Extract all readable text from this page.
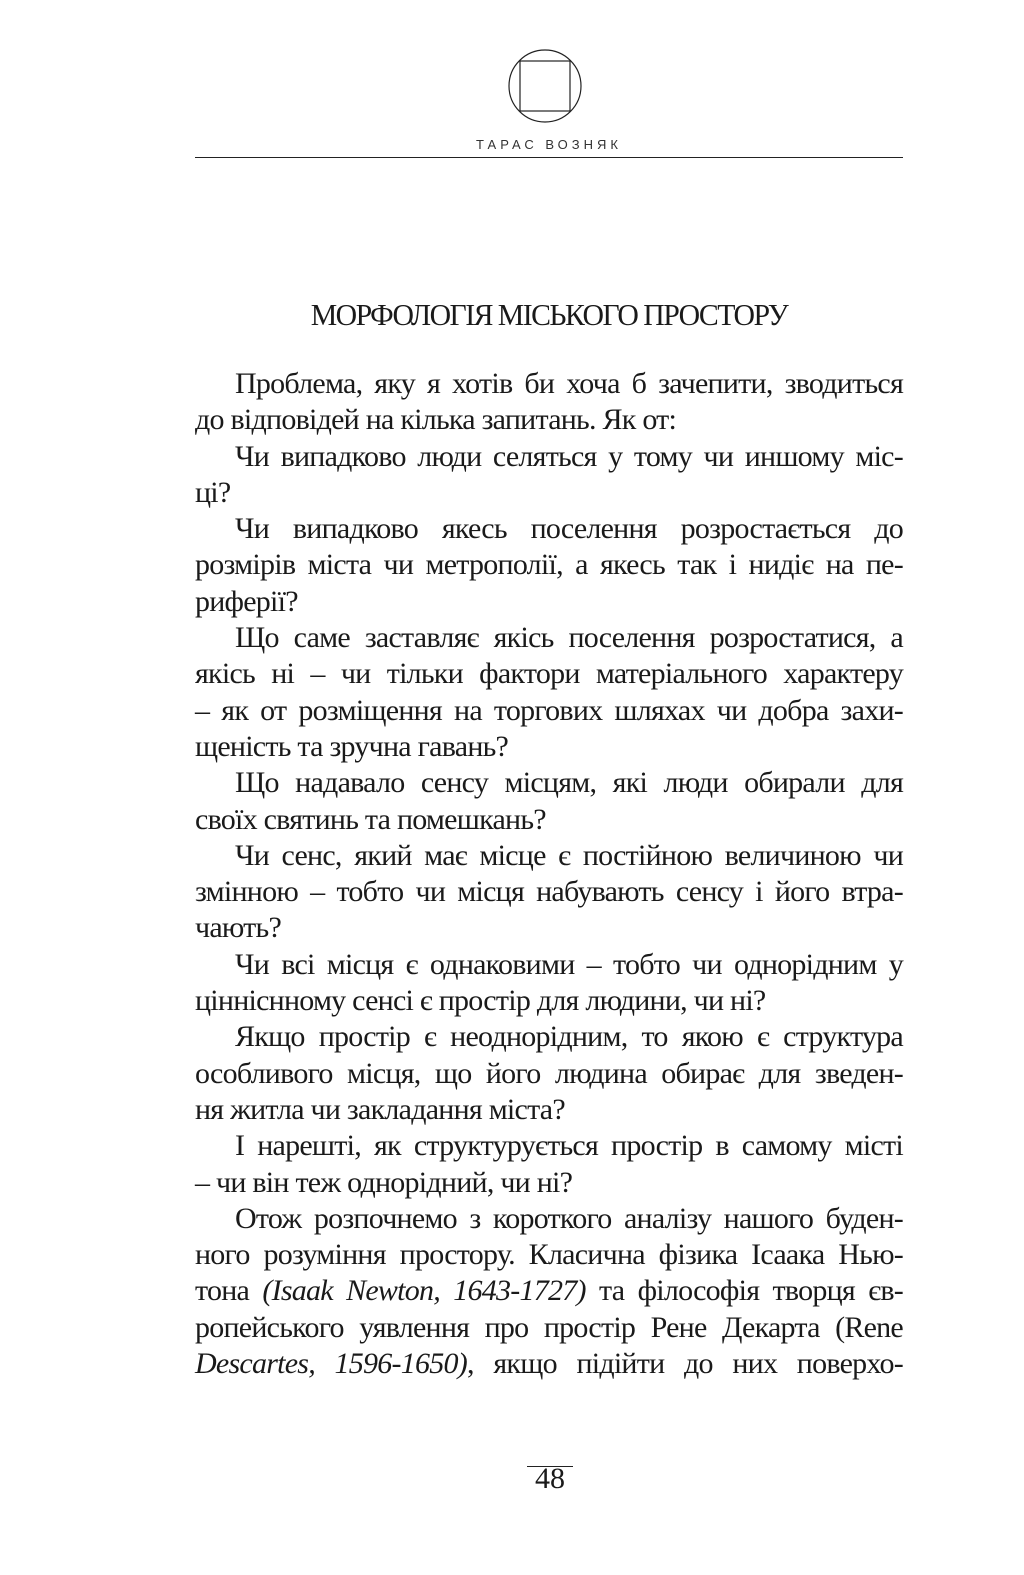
ТАРАС ВОЗНЯК
МОРФОЛОГІЯ МІСЬКОГО ПРОСТОРУ
Проблема, яку я хотів би хоча б зачепити, зводиться
до відповідей на кілька запитань. Як от:
Чи випадково люди селяться у тому чи иншому міс-
ці?
Чи випадково якесь поселення розростається до
розмірів міста чи метрополії, а якесь так і нидіє на пе-
риферії?
Що саме заставляє якісь поселення розростатися, а
якісь ні – чи тільки фактори матеріального характеру
– як от розміщення на торгових шляхах чи добра захи-
щеність та зручна гавань?
Що надавало сенсу місцям, які люди обирали для
своїх святинь та помешкань?
Чи сенс, який має місце є постійною величиною чи
змінною – тобто чи місця набувають сенсу і його втра-
чають?
Чи всі місця є однаковими – тобто чи однорідним у
цінніснному сенсі є простір для людини, чи ні?
Якщо простір є неоднорідним, то якою є структура
особливого місця, що його людина обирає для зведен-
ня житла чи закладання міста?
І нарешті, як структурується простір в самому місті
– чи він теж однорідний, чи ні?
Отож розпочнемо з короткого аналізу нашого буден-
ного розуміння простору. Класична фізика Ісаака Нью-
тона (Isaak Newton, 1643-1727) та філософія творця єв-
ропейського уявлення про простір Рене Декарта (Rene
Descartes, 1596-1650), якщо підійти до них поверхо-
48
